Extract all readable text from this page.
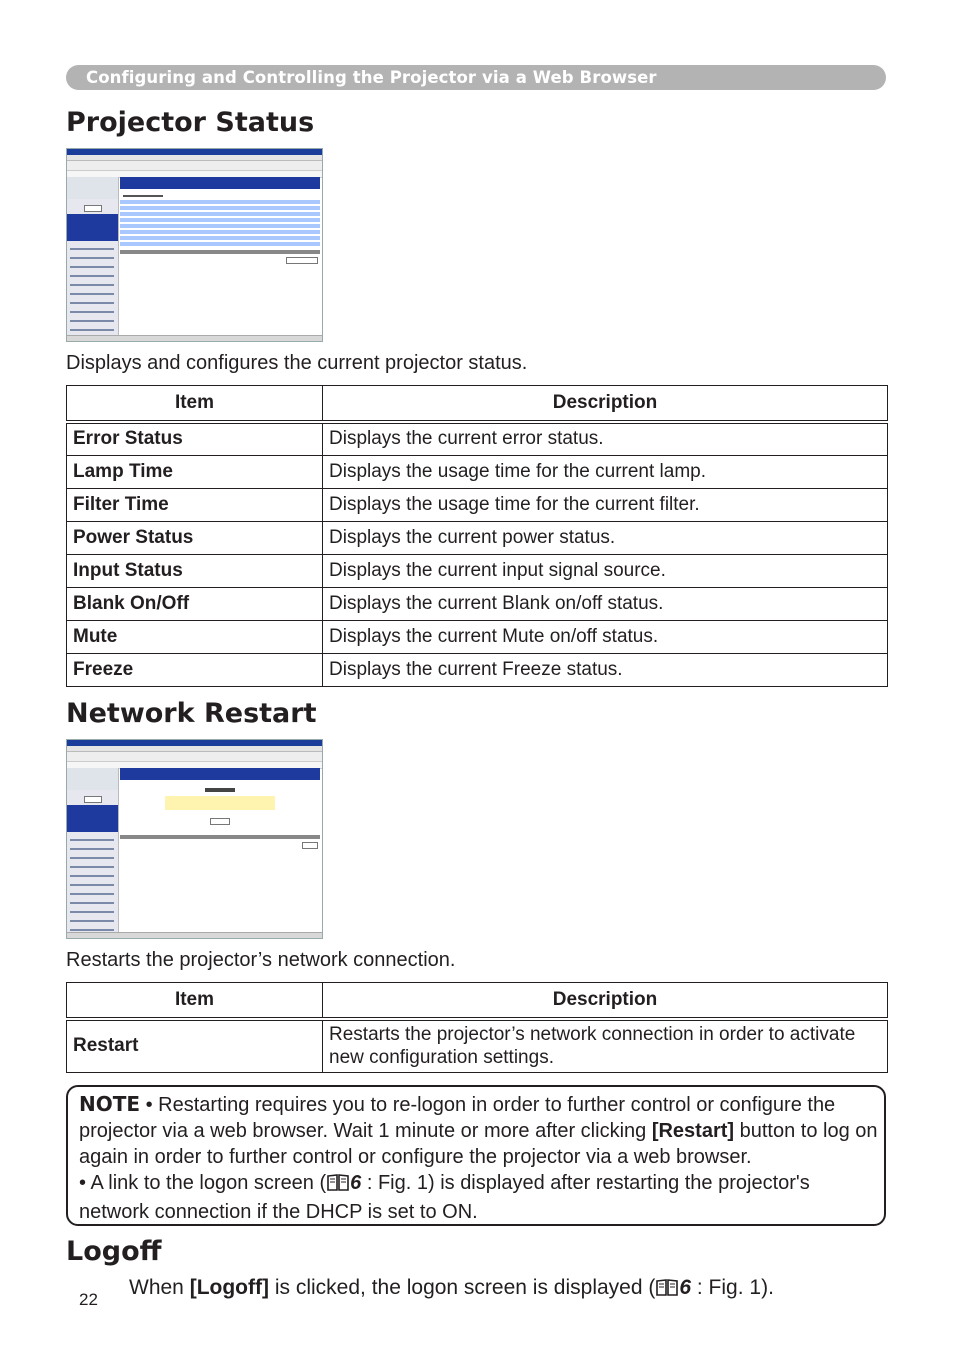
Configuring and Controlling the Projector via a Web Browser
Projector Status
Displays and configures the current projector status.
Item	Description
Error Status	Displays the current error status.
Lamp Time	Displays the usage time for the current lamp.
Filter Time	Displays the usage time for the current filter.
Power Status	Displays the current power status.
Input Status	Displays the current input signal source.
Blank On/Off	Displays the current Blank on/off status.
Mute	Displays the current Mute on/off status.
Freeze	Displays the current Freeze status.
Network Restart
Restarts the projector’s network connection.
Item	Description
Restart	Restarts the projector’s network connection in order to activate new configuration settings.
NOTE • Restarting requires you to re-logon in order to further control or configure the projector via a web browser. Wait 1 minute or more after clicking [Restart] button to log on again in order to further control or configure the projector via a web browser.
• A link to the logon screen ( 6 : Fig. 1) is displayed after restarting the projector's network connection if the DHCP is set to ON.
Logoff
When [Logoff] is clicked, the logon screen is displayed ( 6 : Fig. 1).
22
